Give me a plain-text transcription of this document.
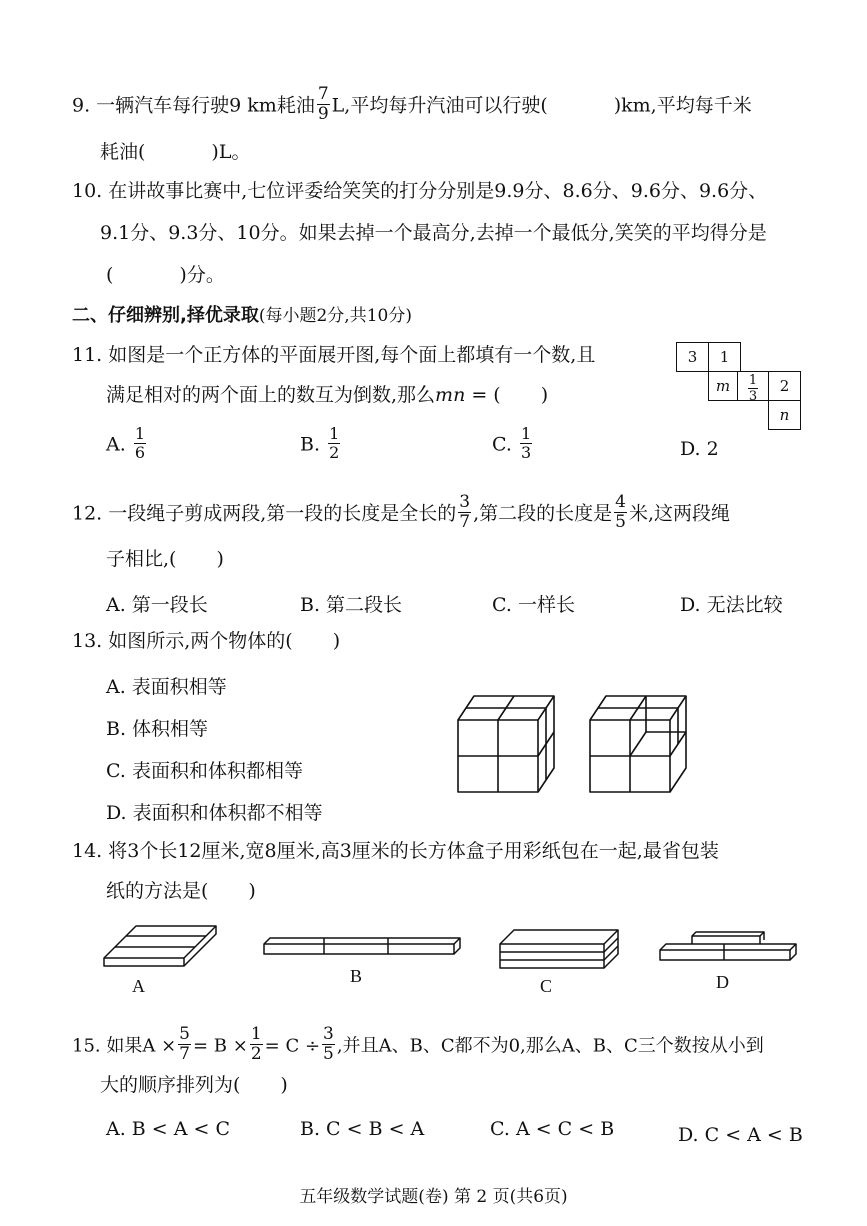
9. 一辆汽车每行驶9 km耗油 $\frac{7}{9} L$,平均每升汽油可以行驶(	)km,平均每千米
耗油(	)L。
10. 在讲故事比赛中,七位评委给笑笑的打分分别是9.9分、8.6分、9.6分、9.6分、
9.1分、9.3分、10分。如果去掉一个最高分,去掉一个最低分,笑笑的平均得分是
(	)分。
二、仔细辨别,择优录取(每小题2分,共10分)
11. 如图是一个正方体的平面展开图,每个面上都填有一个数,且
满足相对的两个面上的数互为倒数,那么mn = ( )
3	1
m	$\frac{1}{3}$	2
n
A. $\frac{1}{6}$	B. $\frac{1}{2}$	C. $\frac{1}{3}$	D. 2
12. 一段绳子剪成两段,第一段的长度是全长的 $\frac{3}{7}$ ,第二段的长度是 $\frac{4}{5}$ 米,这两段绳
子相比,( )
A. 第一段长	B. 第二段长	C. 一样长	D. 无法比较
13. 如图所示,两个物体的( )
A. 表面积相等
B. 体积相等
C. 表面积和体积都相等
D. 表面积和体积都不相等
14. 将3个长12厘米,宽8厘米,高3厘米的长方体盒子用彩纸包在一起,最省包装
纸的方法是( )
A	B	C	D
15. 如果$A \times \frac{5}{7} = B \times \frac{1}{2} = C \div \frac{3}{5}$ ,并且A、B、C都不为0,那么A、B、C三个数按从小到
大的顺序排列为( )
A. B < A < C	B. C < B < A	C. A < C < B	D. C < A < B
五年级数学试题(卷) 第 2 页(共6页)
